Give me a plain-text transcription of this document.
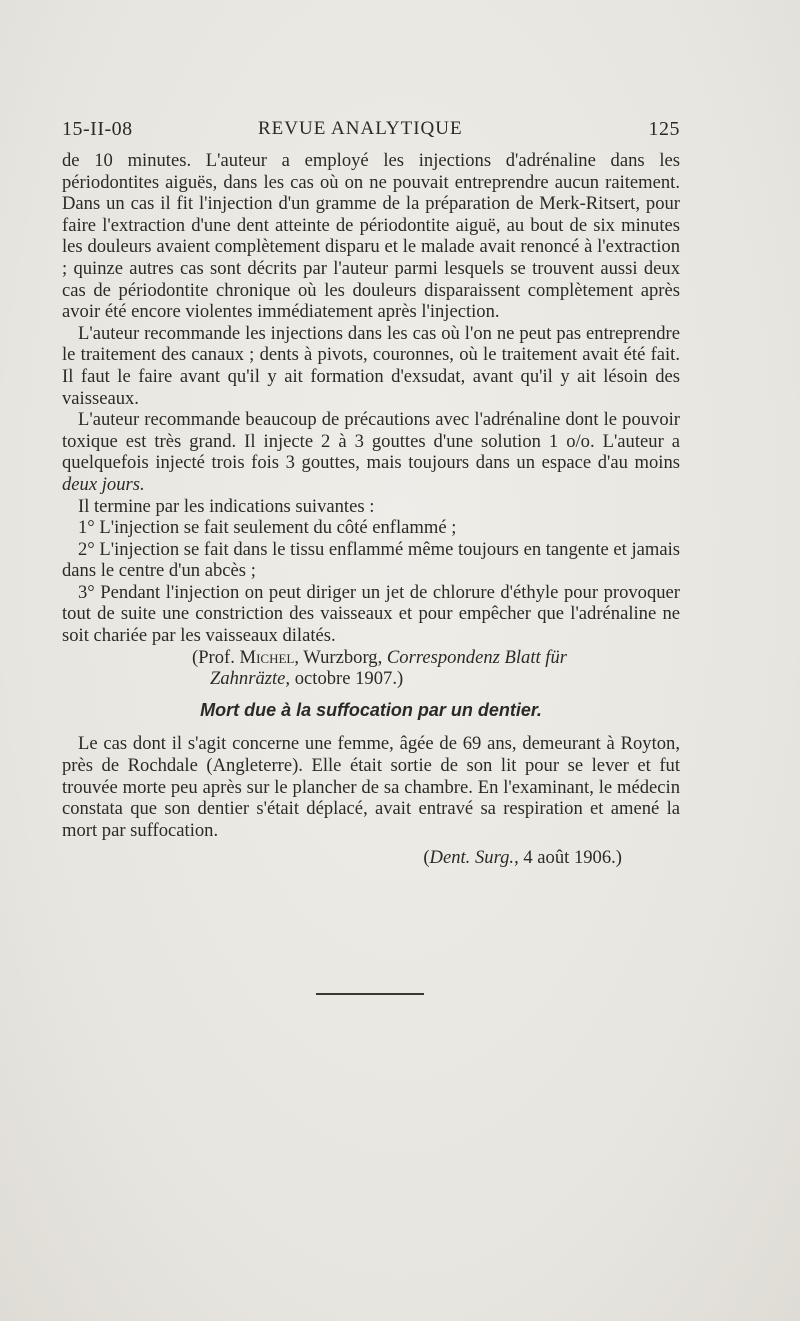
15-II-08	REVUE ANALYTIQUE	125

de 10 minutes. L'auteur a employé les injections d'adrénaline dans les périodontites aiguës, dans les cas où on ne pouvait entreprendre aucun raitement. Dans un cas il fit l'injection d'un gramme de la préparation de Merk-Ritsert, pour faire l'extraction d'une dent atteinte de périodontite aiguë, au bout de six minutes les douleurs avaient complètement disparu et le malade avait renoncé à l'extraction ; quinze autres cas sont décrits par l'auteur parmi lesquels se trouvent aussi deux cas de périodontite chronique où les douleurs disparaissent complètement après avoir été encore violentes immédiatement après l'injection.

L'auteur recommande les injections dans les cas où l'on ne peut pas entreprendre le traitement des canaux ; dents à pivots, couronnes, où le traitement avait été fait. Il faut le faire avant qu'il y ait formation d'exsudat, avant qu'il y ait lésoin des vaisseaux.

L'auteur recommande beaucoup de précautions avec l'adrénaline dont le pouvoir toxique est très grand. Il injecte 2 à 3 gouttes d'une solution 1 o/o. L'auteur a quelquefois injecté trois fois 3 gouttes, mais toujours dans un espace d'au moins deux jours.

Il termine par les indications suivantes :

1° L'injection se fait seulement du côté enflammé ;

2° L'injection se fait dans le tissu enflammé même toujours en tangente et jamais dans le centre d'un abcès ;

3° Pendant l'injection on peut diriger un jet de chlorure d'éthyle pour provoquer tout de suite une constriction des vaisseaux et pour empêcher que l'adrénaline ne soit chariée par les vaisseaux dilatés.

(Prof. Michel, Wurzborg, Correspondenz Blatt für

Zahnräzte, octobre 1907.)

Mort due à la suffocation par un dentier.

Le cas dont il s'agit concerne une femme, âgée de 69 ans, demeurant à Royton, près de Rochdale (Angleterre). Elle était sortie de son lit pour se lever et fut trouvée morte peu après sur le plancher de sa chambre. En l'examinant, le médecin constata que son dentier s'était déplacé, avait entravé sa respiration et amené la mort par suffocation.

(Dent. Surg., 4 août 1906.)
